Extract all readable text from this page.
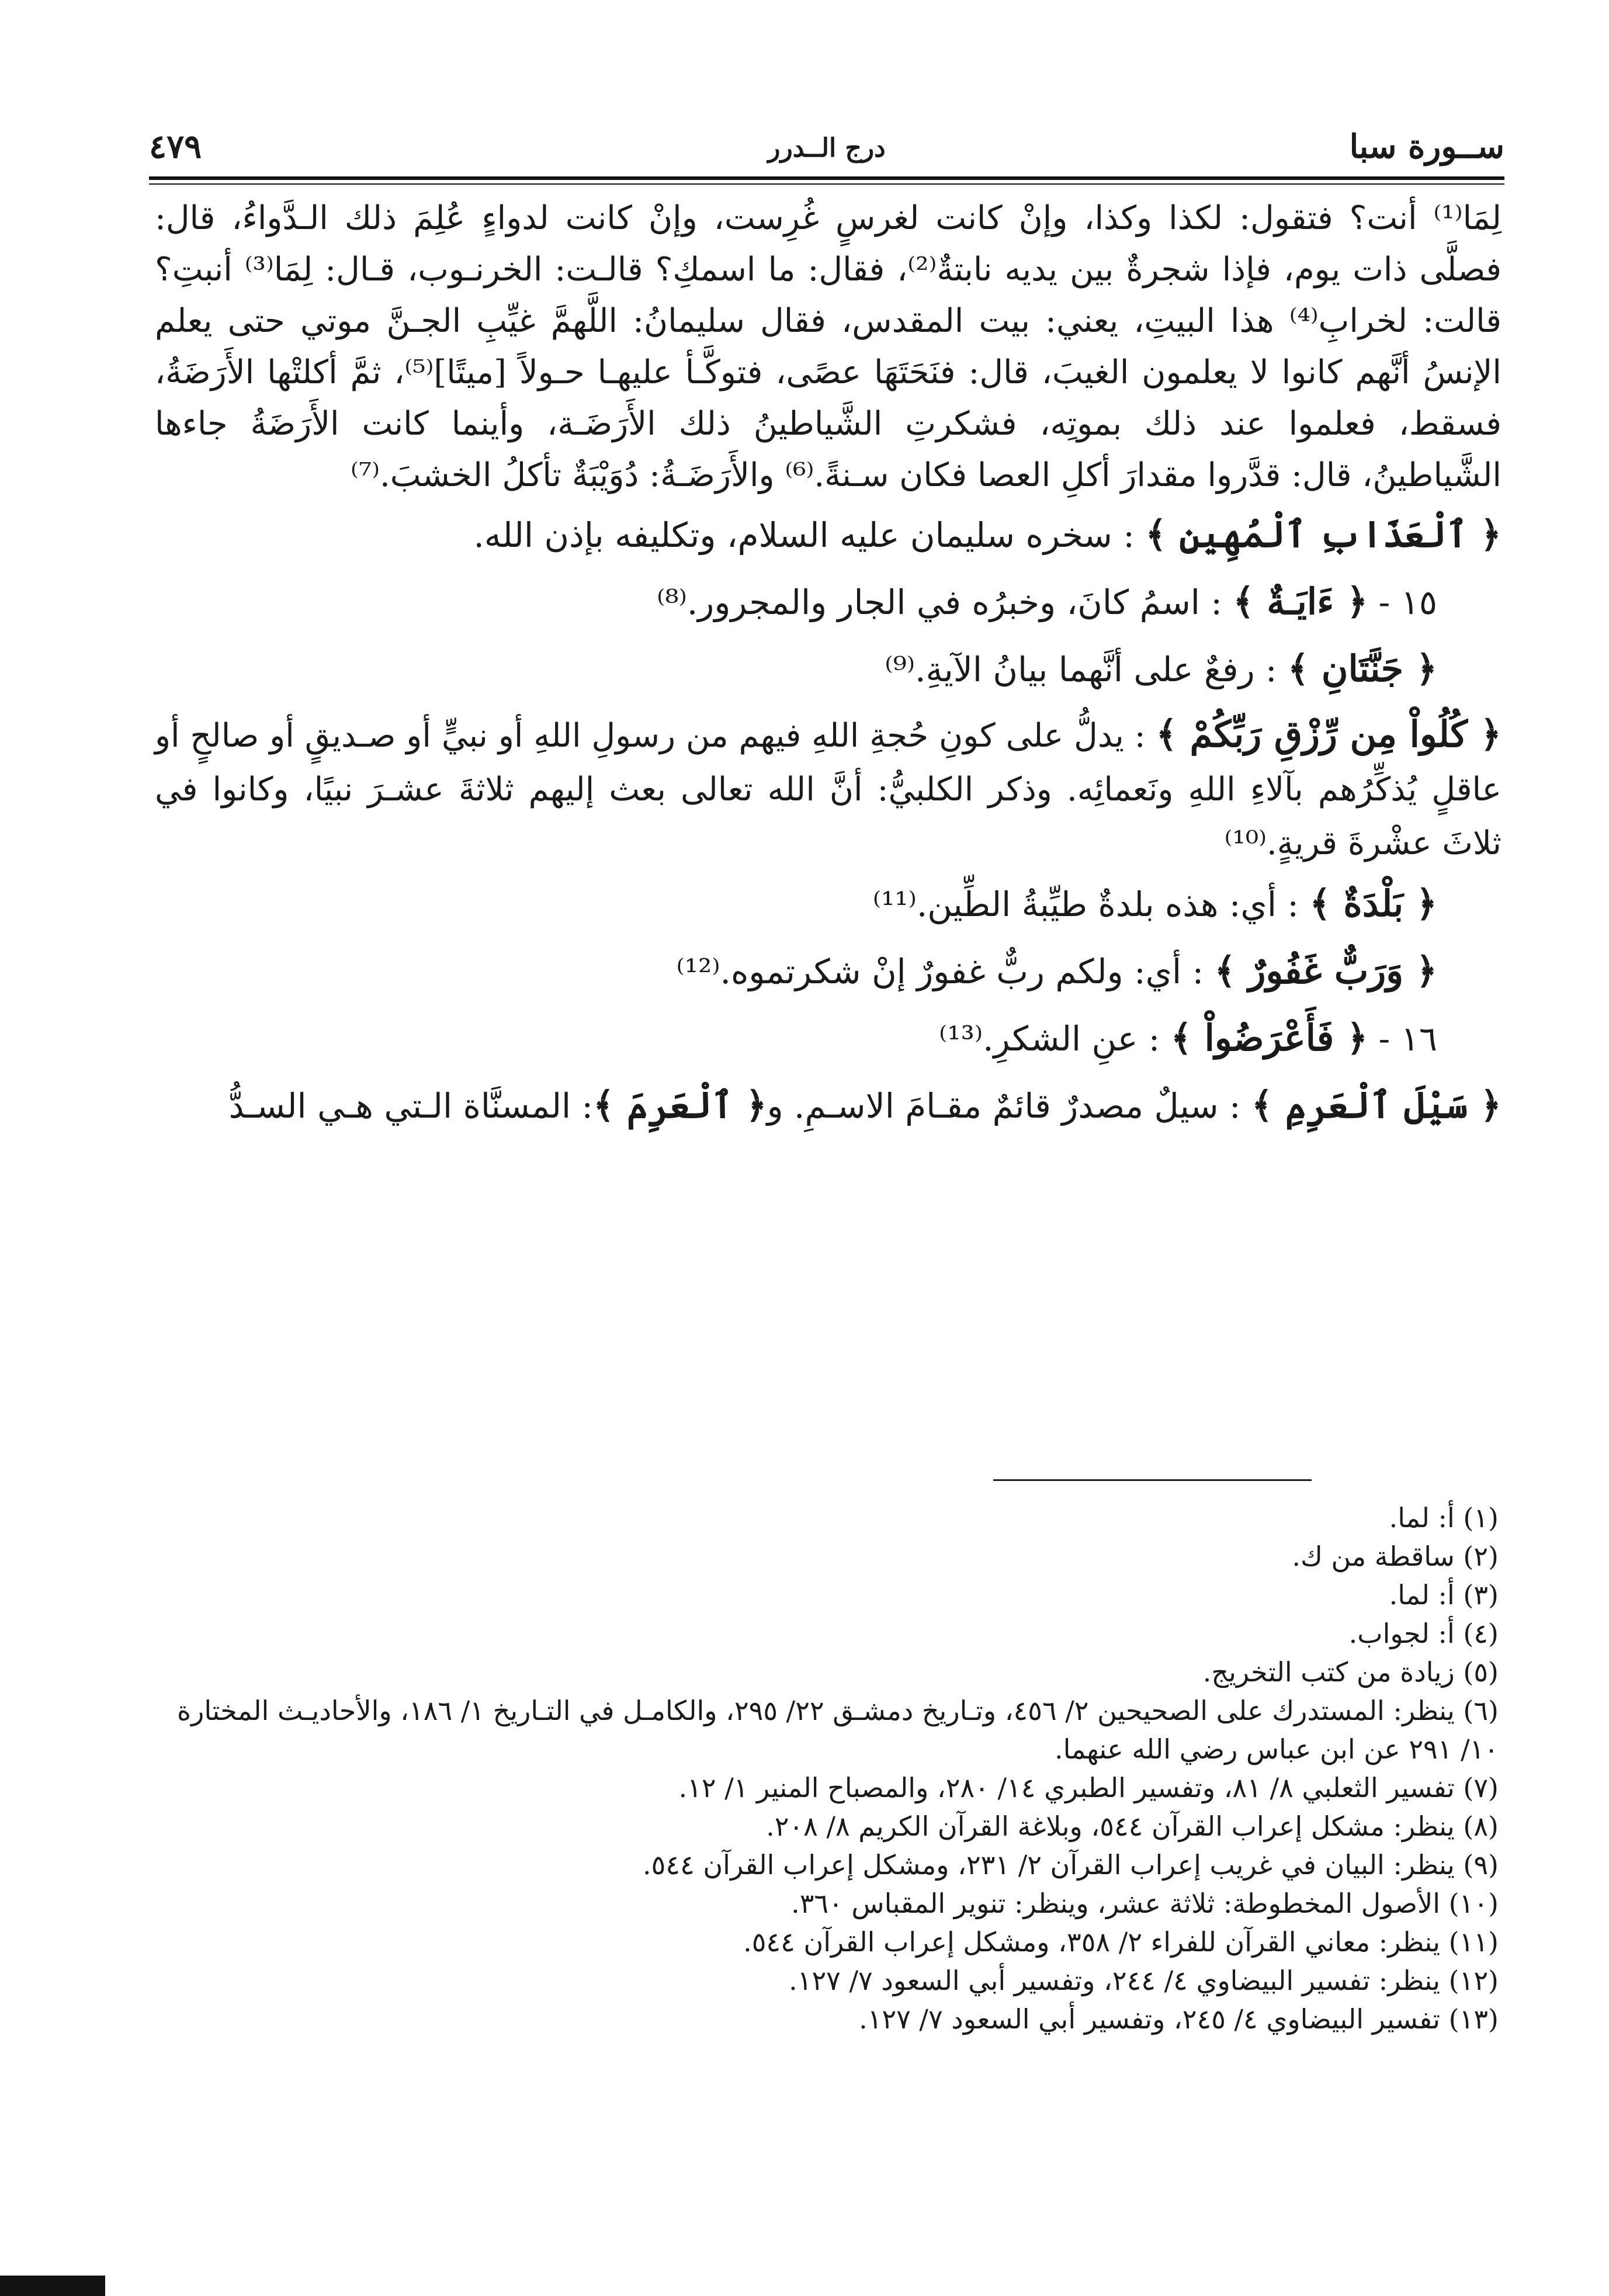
ســورة سبا
درج الــدرر
٤٧٩

لِمَا⁽¹⁾ أنت؟ فتقول: لكذا وكذا، وإنْ كانت لغرسٍ غُرِست، وإنْ كانت لدواءٍ عُلِمَ ذلك الـدَّواءُ، قال: فصلَّى ذات يوم، فإذا شجرةٌ بين يديه نابتةٌ⁽²⁾، فقال: ما اسمكِ؟ قالـت: الخرنـوب، قـال: لِمَا⁽³⁾ أنبتِ؟ قالت: لخرابِ⁽⁴⁾ هذا البيتِ، يعني: بيت المقدس، فقال سليمانُ: اللَّهمَّ غيِّبِ الجـنَّ موتي حتى يعلم الإنسُ أنَّهم كانوا لا يعلمون الغيبَ، قال: فنَحَتَهَا عصًى، فتوكَّـأ عليهـا حـولاً [ميتًا]⁽⁵⁾، ثمَّ أكلتْها الأَرَضَةُ، فسقط، فعلموا عند ذلك بموتِه، فشكرتِ الشَّياطينُ ذلك الأَرَضَـة، وأينما كانت الأَرَضَةُ جاءها الشَّياطينُ، قال: قدَّروا مقدارَ أكلِ العصا فكان سـنةً.⁽⁶⁾ والأَرَضَـةُ: دُوَيْبَةٌ تأكلُ الخشبَ.⁽⁷⁾

﴿ ٱلْعَذَابِ ٱلْمُهِينِ ﴾ : سخره سليمان عليه السلام، وتكليفه بإذن الله.

١٥ - ﴿ ءَايَـةٌ ﴾ : اسمُ كانَ، وخبرُه في الجار والمجرور.⁽⁸⁾

﴿ جَنَّتَانِ ﴾ : رفعٌ على أنَّهما بيانُ الآيةِ.⁽⁹⁾

﴿ كُلُواْ مِن رِّزْقِ رَبِّكُمْ ﴾ : يدلُّ على كونِ حُجةِ اللهِ فيهم من رسولِ اللهِ أو نبيٍّ أو صـديقٍ أو صالحٍ أو عاقلٍ يُذكِّرُهم بآلاءِ اللهِ ونَعمائِه. وذكر الكلبيُّ: أنَّ الله تعالى بعث إليهم ثلاثةَ عشـرَ نبيًا، وكانوا في ثلاثَ عشْرةَ قريةٍ.⁽¹⁰⁾

﴿ بَلْدَةٌ ﴾ : أي: هذه بلدةٌ طيِّبةُ الطِّين.⁽¹¹⁾

﴿ وَرَبٌّ غَفُورٌ ﴾ : أي: ولكم ربٌّ غفورٌ إنْ شكرتموه.⁽¹²⁾

١٦ - ﴿ فَأَعْرَضُواْ ﴾ : عنِ الشكرِ.⁽¹³⁾

﴿ سَيْلَ ٱلْعَرِمِ ﴾ : سيلٌ مصدرٌ قائمٌ مقـامَ الاسـمِ. و﴿ ٱلْعَرِمَ ﴾: المسنَّاة الـتي هـي السـدُّ

(١) أ: لما.

(٢) ساقطة من ك.

(٣) أ: لما.

(٤) أ: لجواب.

(٥) زيادة من كتب التخريج.

(٦) ينظر: المستدرك على الصحيحين ٢/ ٤٥٦، وتـاريخ دمشـق ٢٢/ ٢٩٥، والكامـل في التـاريخ ١/ ١٨٦، والأحاديـث المختارة ١٠/ ٢٩١ عن ابن عباس رضي الله عنهما.

(٧) تفسير الثعلبي ٨/ ٨١، وتفسير الطبري ١٤/ ٢٨٠، والمصباح المنير ١/ ١٢.

(٨) ينظر: مشكل إعراب القرآن ٥٤٤، وبلاغة القرآن الكريم ٨/ ٢٠٨.

(٩) ينظر: البيان في غريب إعراب القرآن ٢/ ٢٣١، ومشكل إعراب القرآن ٥٤٤.

(١٠) الأصول المخطوطة: ثلاثة عشر، وينظر: تنوير المقباس ٣٦٠.

(١١) ينظر: معاني القرآن للفراء ٢/ ٣٥٨، ومشكل إعراب القرآن ٥٤٤.

(١٢) ينظر: تفسير البيضاوي ٤/ ٢٤٤، وتفسير أبي السعود ٧/ ١٢٧.

(١٣) تفسير البيضاوي ٤/ ٢٤٥، وتفسير أبي السعود ٧/ ١٢٧.
